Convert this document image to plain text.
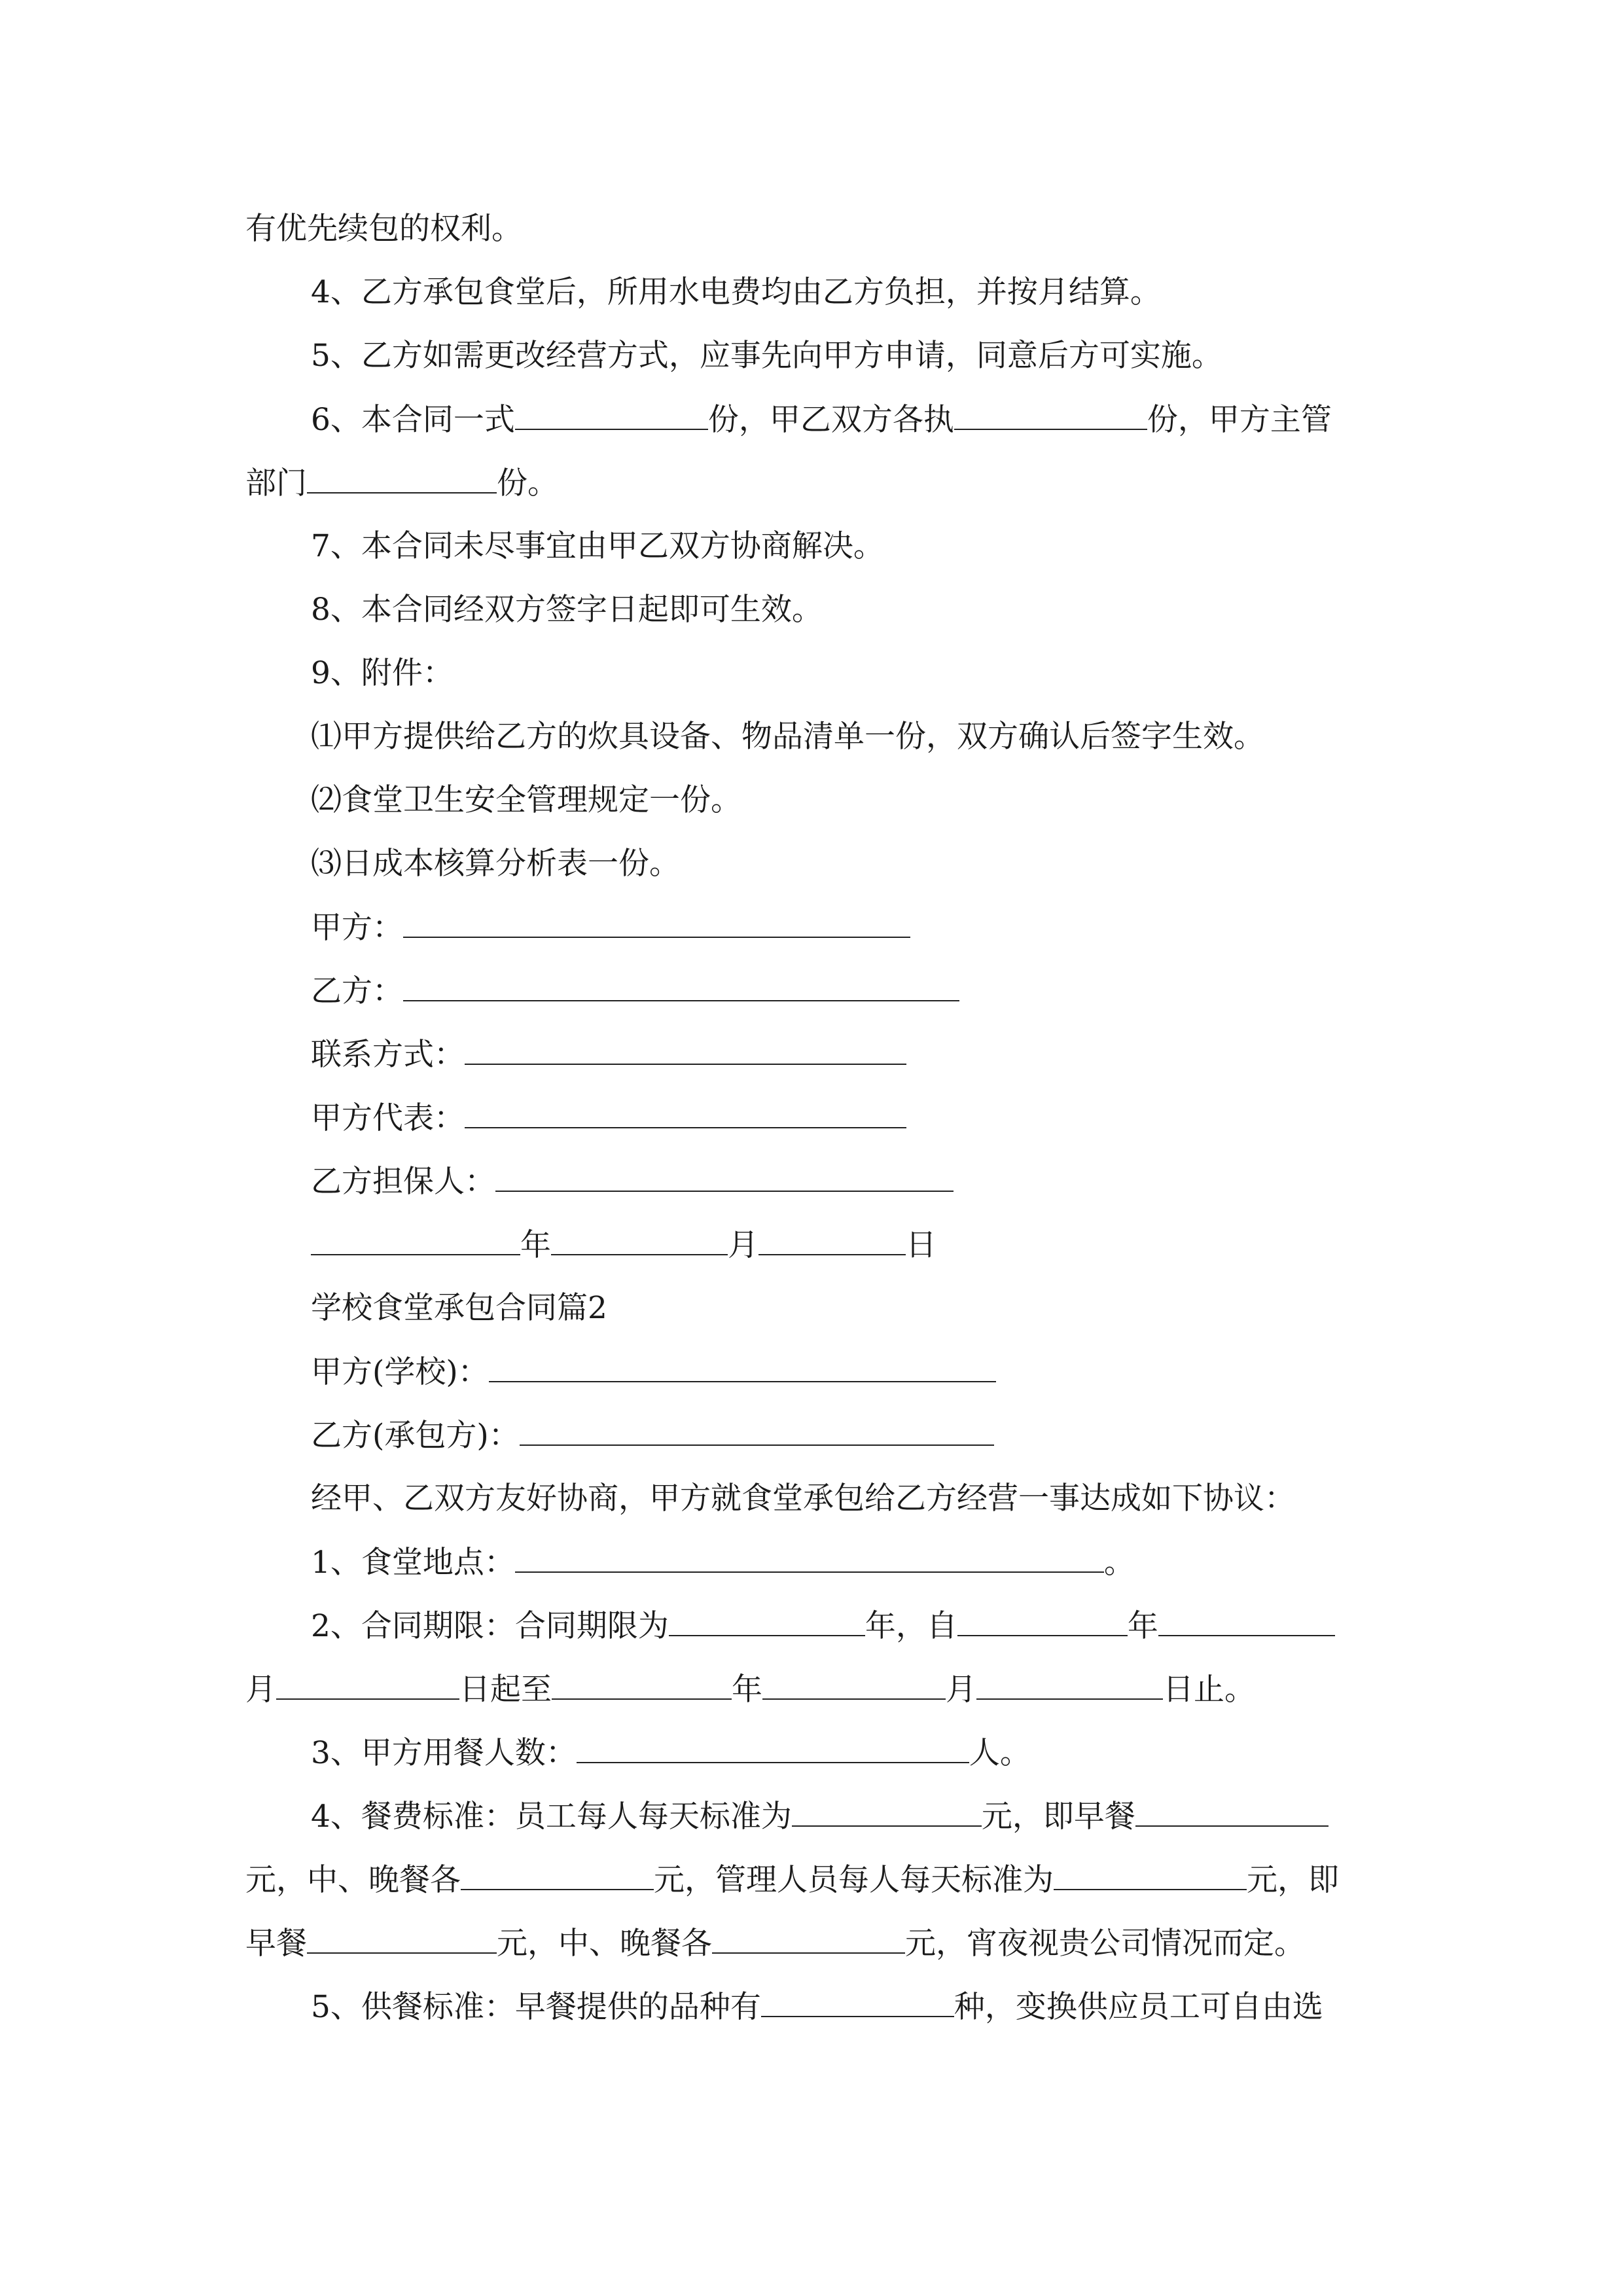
有优先续包的权利。
4、乙方承包食堂后，所用水电费均由乙方负担，并按月结算。
5、乙方如需更改经营方式，应事先向甲方申请，同意后方可实施。
6、本合同一式	份，甲乙双方各执	份，甲方主管
部门	份。
7、本合同未尽事宜由甲乙双方协商解决。
8、本合同经双方签字日起即可生效。
9、附件：
⑴甲方提供给乙方的炊具设备、物品清单一份，双方确认后签字生效。
⑵食堂卫生安全管理规定一份。
⑶日成本核算分析表一份。
甲方：
乙方：
联系方式：
甲方代表：
乙方担保人：
年	月	日
学校食堂承包合同篇2
甲方(学校)：
乙方(承包方)：
经甲、乙双方友好协商，甲方就食堂承包给乙方经营一事达成如下协议：
1、食堂地点：	。
2、合同期限：合同期限为	年，自	年
月	日起至	年	月	日止。
3、甲方用餐人数：	人。
4、餐费标准：员工每人每天标准为	元，即早餐
元，中、晚餐各	元，管理人员每人每天标准为	元，即
早餐	元，中、晚餐各	元，宵夜视贵公司情况而定。
5、供餐标准：早餐提供的品种有	种，变换供应员工可自由选
